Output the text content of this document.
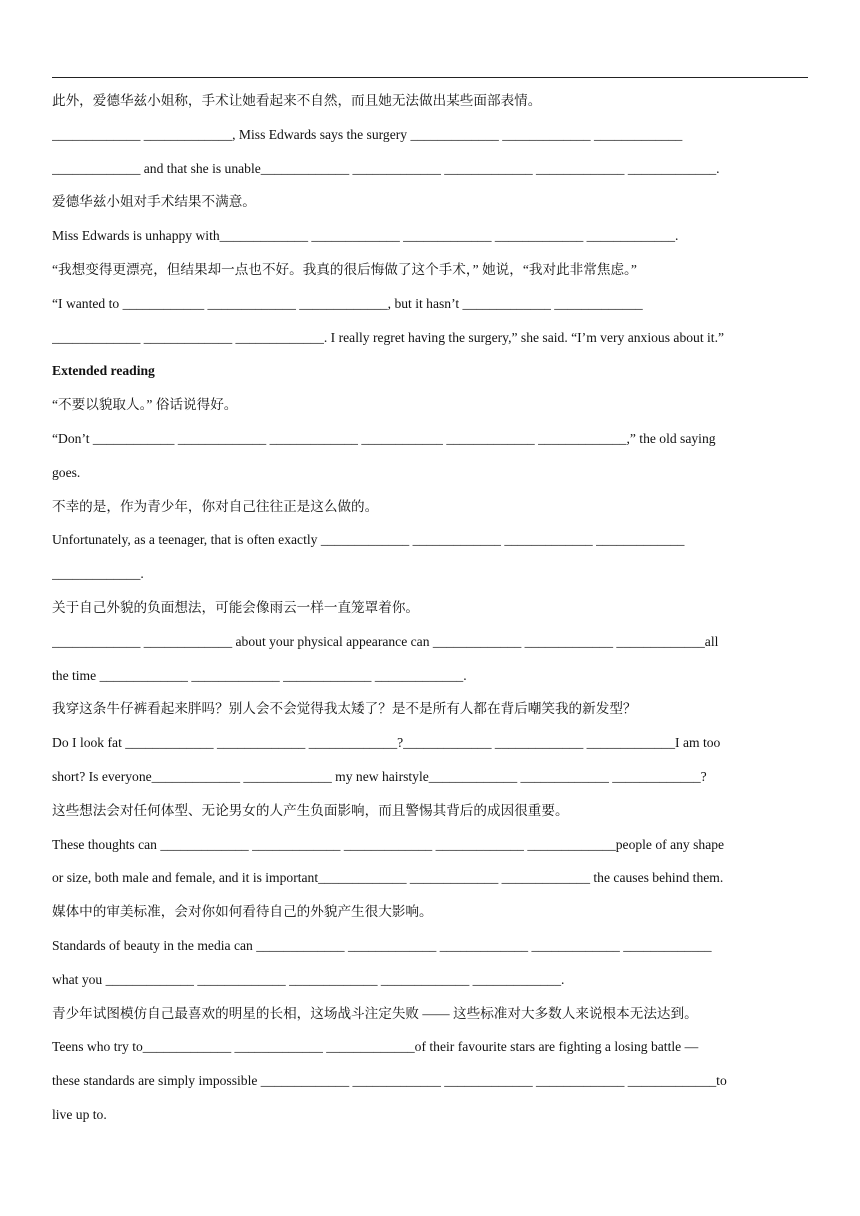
此外，爱德华兹小姐称，手术让她看起来不自然，而且她无法做出某些面部表情。
_____________ _____________, Miss Edwards says the surgery _____________ _____________ _____________
_____________ and that she is unable_____________ _____________ _____________ _____________ _____________.
爱德华兹小姐对手术结果不满意。
Miss Edwards is unhappy with_____________ _____________ _____________ _____________ _____________.
“我想变得更漂亮，但结果却一点也不好。我真的很后悔做了这个手术，” 她说，“我对此非常焦虑。”
“I wanted to ____________ _____________ _____________, but it hasn’t _____________ _____________
_____________ _____________ _____________. I really regret having the surgery,” she said. “I’m very anxious about it.”
Extended reading
“不要以貌取人。” 俗话说得好。
“Don’t ____________ _____________ _____________ ____________ _____________ _____________,” the old saying
goes.
不幸的是，作为青少年，你对自己往往正是这么做的。
Unfortunately, as a teenager, that is often exactly _____________ _____________ _____________ _____________
_____________.
关于自己外貌的负面想法，可能会像雨云一样一直笼罩着你。
_____________ _____________ about your physical appearance can _____________ _____________ _____________all
the time _____________ _____________ _____________ _____________.
我穿这条牛仔裤看起来胖吗？别人会不会觉得我太矮了？是不是所有人都在背后嘲笑我的新发型？
Do I look fat _____________ _____________ _____________?_____________ _____________ _____________I am too
short? Is everyone_____________ _____________ my new hairstyle_____________ _____________ _____________?
这些想法会对任何体型、无论男女的人产生负面影响，而且警惕其背后的成因很重要。
These thoughts can _____________ _____________ _____________ _____________ _____________people of any shape
or size, both male and female, and it is important_____________ _____________ _____________ the causes behind them.
媒体中的审美标准，会对你如何看待自己的外貌产生很大影响。
Standards of beauty in the media can _____________ _____________ _____________ _____________ _____________
what you _____________ _____________ _____________ _____________ _____________.
青少年试图模仿自己最喜欢的明星的长相，这场战斗注定失败 —— 这些标准对大多数人来说根本无法达到。
Teens who try to_____________ _____________ _____________of their favourite stars are fighting a losing battle —
these standards are simply impossible _____________ _____________ _____________ _____________ _____________to
live up to.
